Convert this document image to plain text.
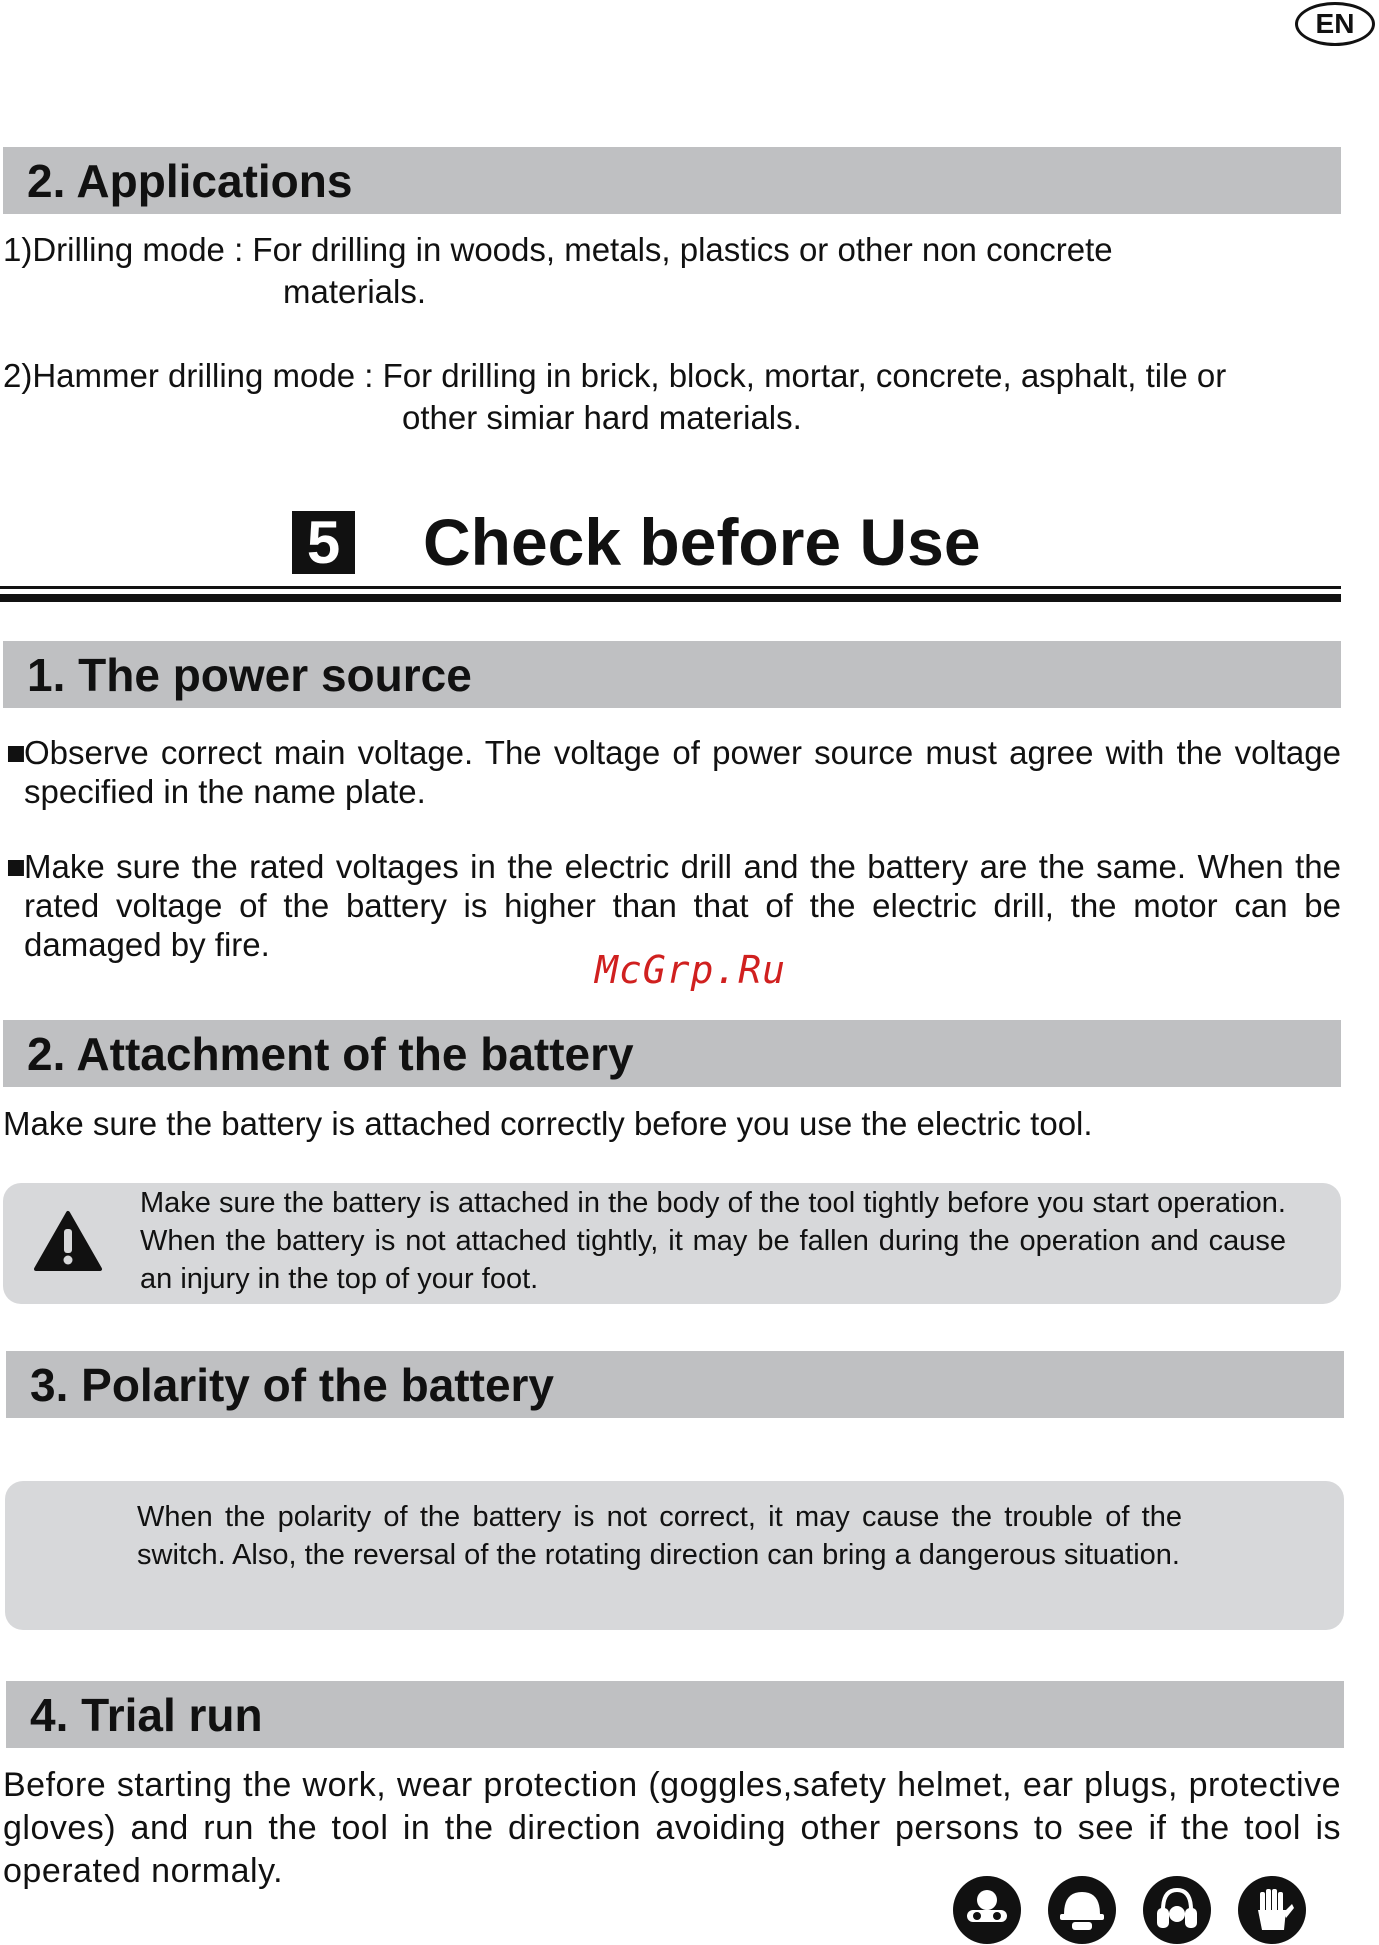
EN
2. Applications
1)Drilling mode : For drilling in woods, metals, plastics or other non concrete
materials.
2)Hammer drilling mode : For drilling in brick, block, mortar, concrete, asphalt, tile or
other simiar hard materials.
5 Check before Use
1. The power source
■
Observe correct main voltage. The voltage of power source must agree with the voltage specified in the name plate.
■
Make sure the rated voltages in the electric drill and the battery are the same. When the rated voltage of the battery is higher than that of the electric drill, the motor can be damaged by fire.
McGrp.Ru
2. Attachment of the battery
Make sure the battery is attached correctly before you use the electric tool.
Make sure the battery is attached in the body of the tool tightly before you start operation. When the battery is not attached tightly, it may be fallen during the operation and cause an injury in the top of your foot.
3. Polarity of the battery
When the polarity of the battery is not correct, it may cause the trouble of the switch. Also, the reversal of the rotating direction can bring a dangerous situation.
4. Trial run
Before starting the work, wear protection (goggles,safety helmet, ear plugs, protective gloves) and run the tool in the direction avoiding other persons to see if the tool is operated normaly.
